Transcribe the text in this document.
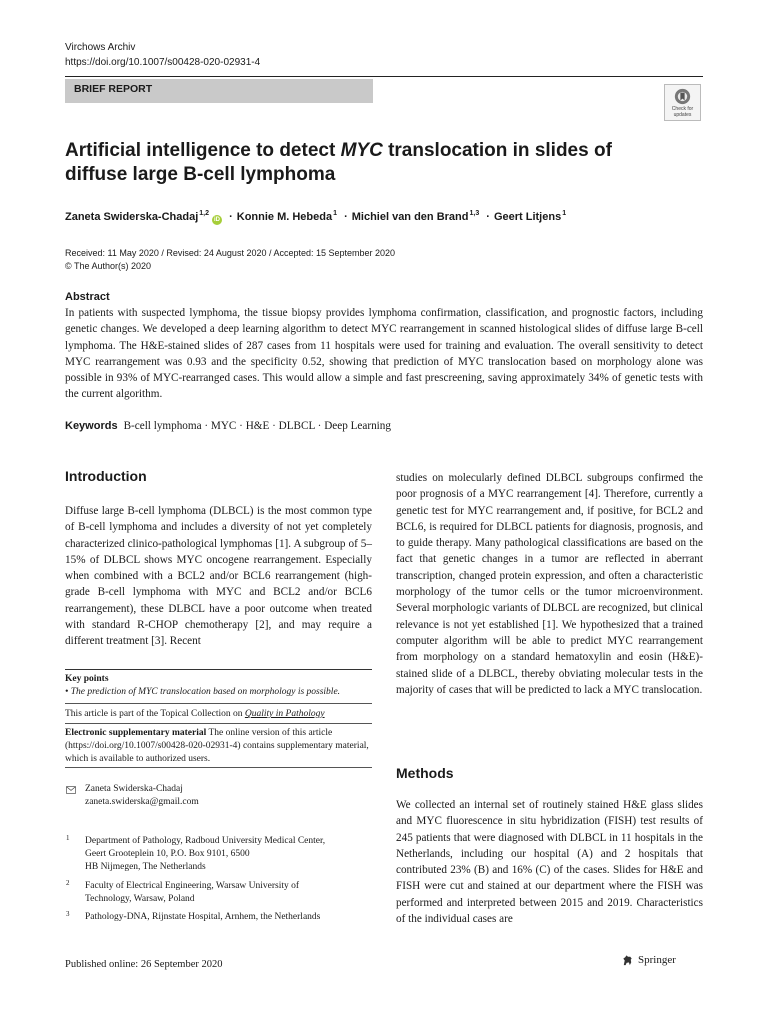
Virchows Archiv
https://doi.org/10.1007/s00428-020-02931-4
BRIEF REPORT
Check for updates
Artificial intelligence to detect MYC translocation in slides of diffuse large B-cell lymphoma
Zaneta Swiderska-Chadaj$^{1,2}$iD · Konnie M. Hebeda$^1$ · Michiel van den Brand$^{1,3}$ · Geert Litjens$^1$
Received: 11 May 2020 / Revised: 24 August 2020 / Accepted: 15 September 2020
© The Author(s) 2020
Abstract
In patients with suspected lymphoma, the tissue biopsy provides lymphoma confirmation, classification, and prognostic factors, including genetic changes. We developed a deep learning algorithm to detect MYC rearrangement in scanned histological slides of diffuse large B-cell lymphoma. The H&E-stained slides of 287 cases from 11 hospitals were used for training and evaluation. The overall sensitivity to detect MYC rearrangement was 0.93 and the specificity 0.52, showing that prediction of MYC translocation based on morphology alone was possible in 93% of MYC-rearranged cases. This would allow a simple and fast prescreening, saving approximately 34% of genetic tests with the current algorithm.
Keywords B-cell lymphoma · MYC · H&E · DLBCL · Deep Learning
Introduction
Diffuse large B-cell lymphoma (DLBCL) is the most common type of B-cell lymphoma and includes a diversity of not yet completely characterized clinico-pathological lymphomas [1]. A subgroup of 5–15% of DLBCL shows MYC oncogene rearrangement. Especially when combined with a BCL2 and/or BCL6 rearrangement (high-grade B-cell lymphoma with MYC and BCL2 and/or BCL6 rearrangement), these DLBCL have a poor outcome when treated with standard R-CHOP chemotherapy [2], and may require a different treatment [3]. Recent
studies on molecularly defined DLBCL subgroups confirmed the poor prognosis of a MYC rearrangement [4]. Therefore, currently a genetic test for MYC rearrangement and, if positive, for BCL2 and BCL6, is required for DLBCL patients for diagnosis, prognosis, and to guide therapy. Many pathological classifications are based on the fact that genetic changes in a tumor are reflected in aberrant transcription, changed protein expression, and often a characteristic morphology of the tumor cells or the tumor microenvironment. Several morphologic variants of DLBCL are recognized, but clinical relevance is not yet established [1]. We hypothesized that a trained computer algorithm will be able to predict MYC rearrangement from morphology on a standard hematoxylin and eosin (H&E)-stained slide of a DLBCL, thereby obviating molecular tests in the majority of cases that will be predicted to lack a MYC translocation.
Key points
• The prediction of MYC translocation based on morphology is possible.
This article is part of the Topical Collection on Quality in Pathology
Electronic supplementary material The online version of this article (https://doi.org/10.1007/s00428-020-02931-4) contains supplementary material, which is available to authorized users.
Zaneta Swiderska-Chadaj
zaneta.swiderska@gmail.com
1 Department of Pathology, Radboud University Medical Center,
Geert Grooteplein 10, P.O. Box 9101, 6500
HB Nijmegen, The Netherlands
2 Faculty of Electrical Engineering, Warsaw University of
Technology, Warsaw, Poland
3 Pathology-DNA, Rijnstate Hospital, Arnhem, the Netherlands
Methods
We collected an internal set of routinely stained H&E glass slides and MYC fluorescence in situ hybridization (FISH) test results of 245 patients that were diagnosed with DLBCL in 11 hospitals in the Netherlands, including our hospital (A) and 2 hospitals that contributed 23% (B) and 16% (C) of the cases. Slides for H&E and FISH were cut and stained at our department where the FISH was performed and interpreted between 2015 and 2019. Characteristics of the individual cases are
Published online: 26 September 2020	Springer
